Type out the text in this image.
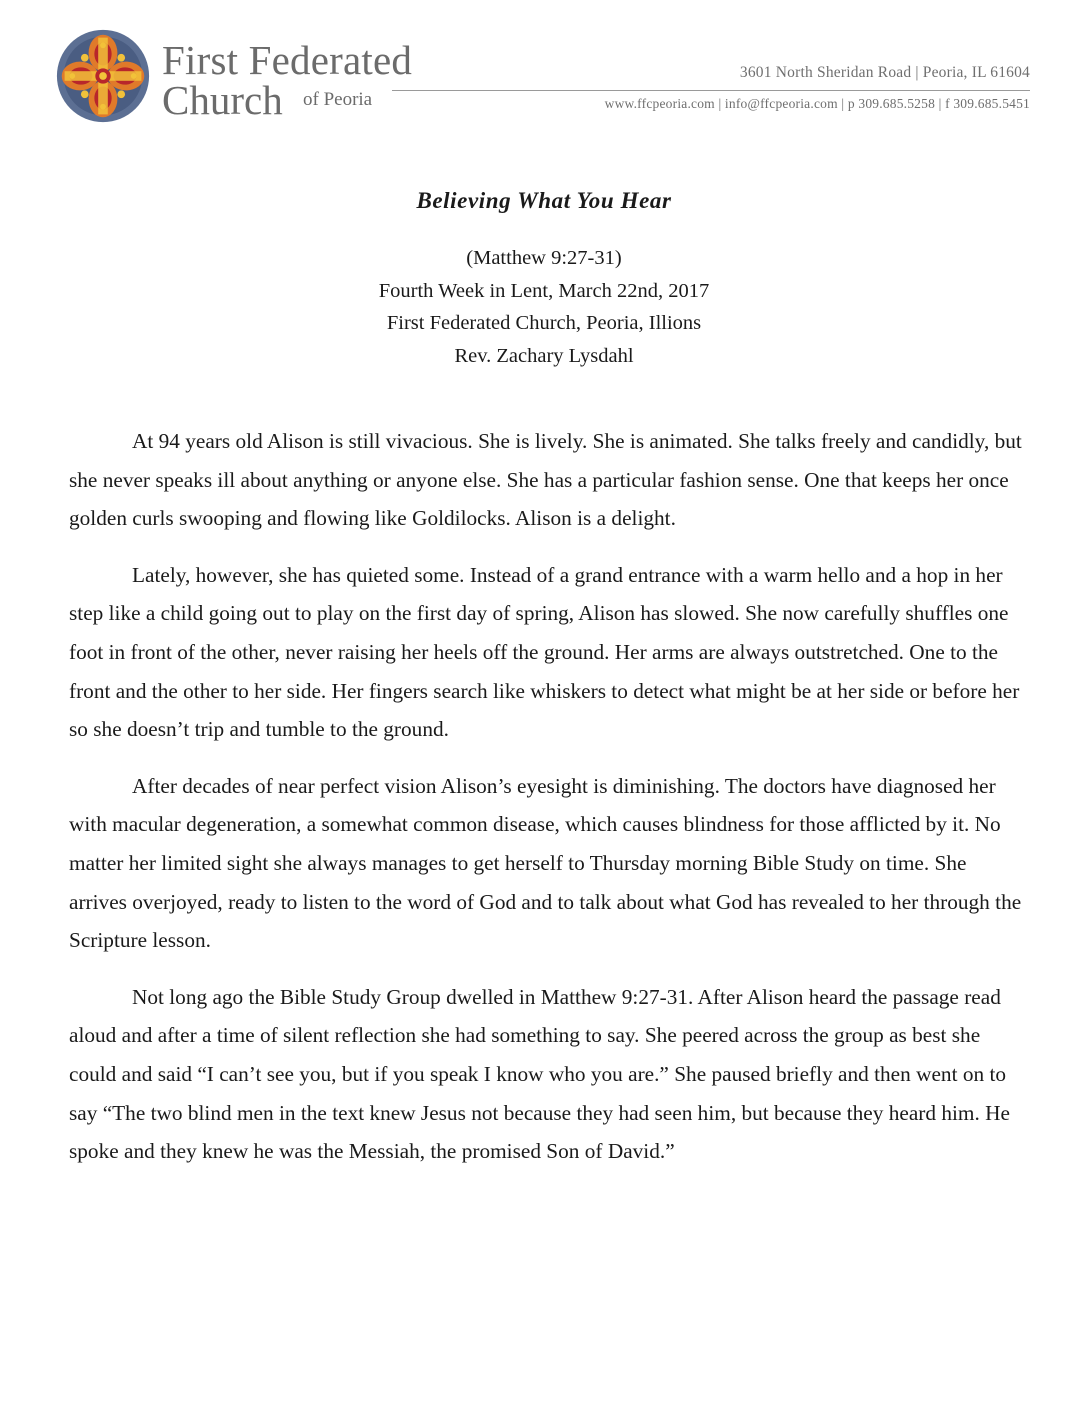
First Federated
Church of Peoria
3601 North Sheridan Road | Peoria, IL 61604
www.ffcpeoria.com | info@ffcpeoria.com | p 309.685.5258 | f 309.685.5451
Believing What You Hear
(Matthew 9:27-31)
Fourth Week in Lent, March 22nd, 2017
First Federated Church, Peoria, Illions
Rev. Zachary Lysdahl

At 94 years old Alison is still vivacious. She is lively. She is animated. She talks freely and candidly, but she never speaks ill about anything or anyone else. She has a particular fashion sense. One that keeps her once golden curls swooping and flowing like Goldilocks. Alison is a delight.

Lately, however, she has quieted some. Instead of a grand entrance with a warm hello and a hop in her step like a child going out to play on the first day of spring, Alison has slowed. She now carefully shuffles one foot in front of the other, never raising her heels off the ground. Her arms are always outstretched. One to the front and the other to her side. Her fingers search like whiskers to detect what might be at her side or before her so she doesn’t trip and tumble to the ground.

After decades of near perfect vision Alison’s eyesight is diminishing. The doctors have diagnosed her with macular degeneration, a somewhat common disease, which causes blindness for those afflicted by it. No matter her limited sight she always manages to get herself to Thursday morning Bible Study on time. She arrives overjoyed, ready to listen to the word of God and to talk about what God has revealed to her through the Scripture lesson.

Not long ago the Bible Study Group dwelled in Matthew 9:27-31. After Alison heard the passage read aloud and after a time of silent reflection she had something to say. She peered across the group as best she could and said “I can’t see you, but if you speak I know who you are.” She paused briefly and then went on to say “The two blind men in the text knew Jesus not because they had seen him, but because they heard him. He spoke and they knew he was the Messiah, the promised Son of David.”
